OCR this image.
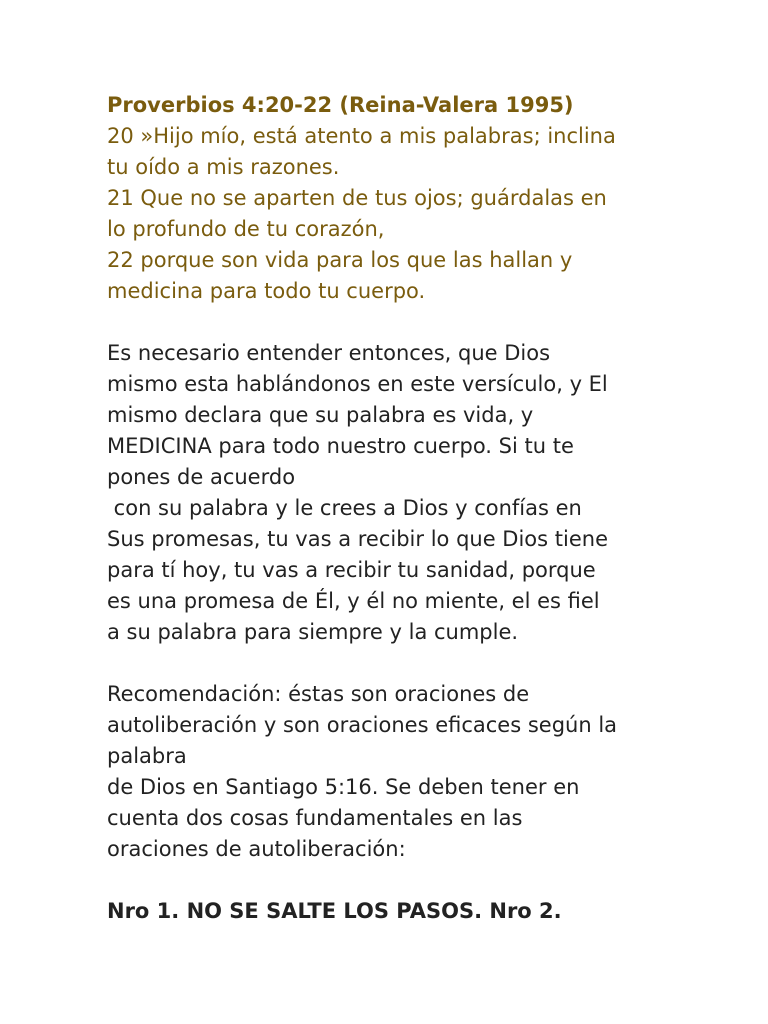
Proverbios 4:20-22 (Reina-Valera 1995)
20 »Hijo mío, está atento a mis palabras; inclina
tu oído a mis razones.
21 Que no se aparten de tus ojos; guárdalas en
lo profundo de tu corazón,
22 porque son vida para los que las hallan y
medicina para todo tu cuerpo.
Es necesario entender entonces, que Dios
mismo esta hablándonos en este versículo, y El
mismo declara que su palabra es vida, y
MEDICINA para todo nuestro cuerpo. Si tu te
pones de acuerdo
con su palabra y le crees a Dios y confías en
Sus promesas, tu vas a recibir lo que Dios tiene
para tí hoy, tu vas a recibir tu sanidad, porque
es una promesa de Él, y él no miente, el es fiel
a su palabra para siempre y la cumple.
Recomendación: éstas son oraciones de
autoliberación y son oraciones eficaces según la
palabra
de Dios en Santiago 5:16. Se deben tener en
cuenta dos cosas fundamentales en las
oraciones de autoliberación:
Nro 1. NO SE SALTE LOS PASOS. Nro 2.
